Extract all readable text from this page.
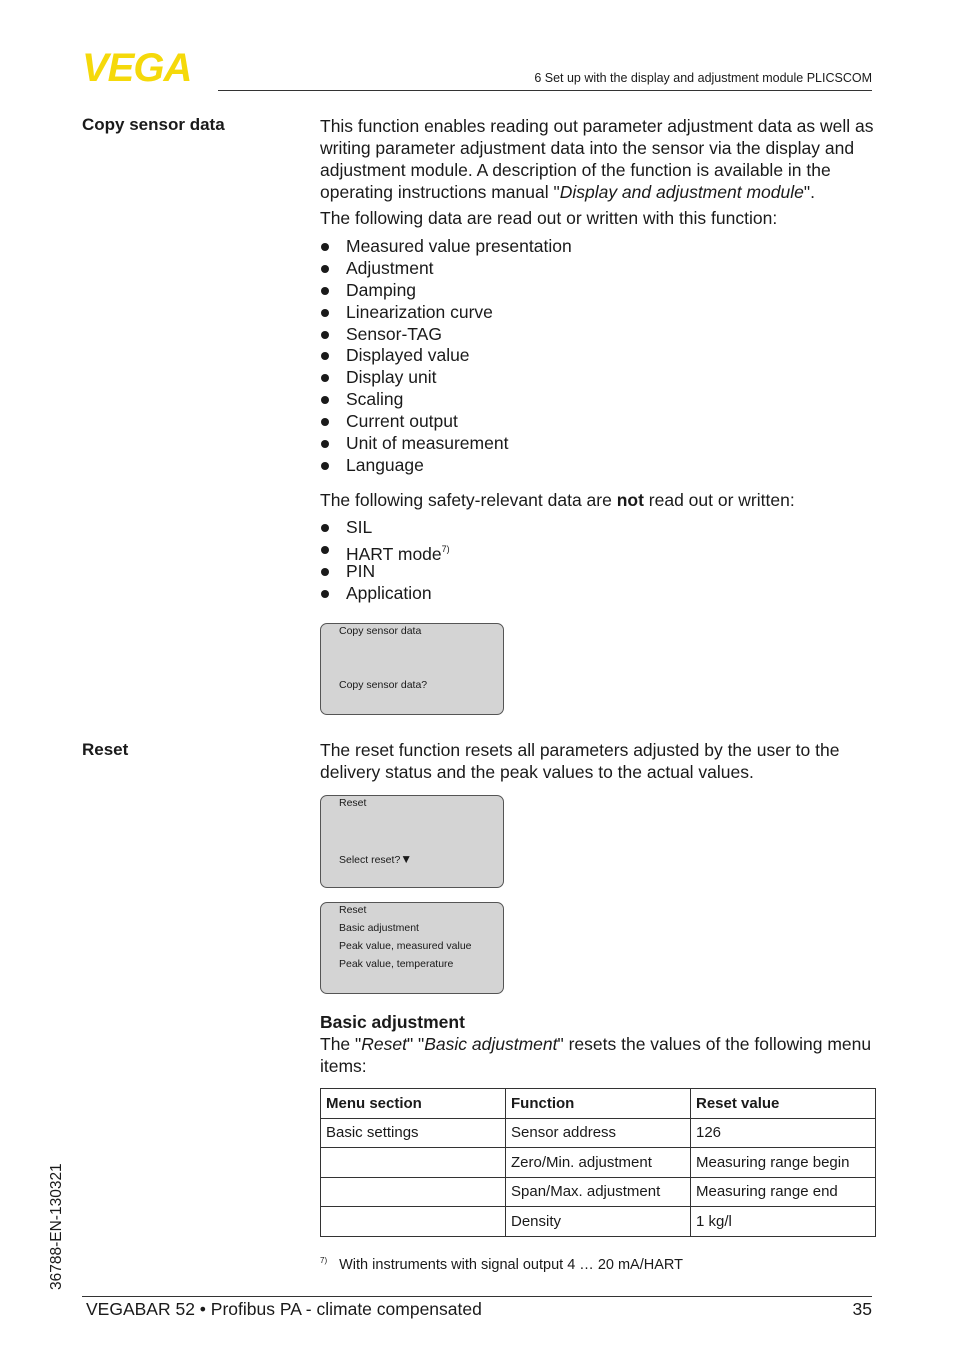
VEGA	6 Set up with the display and adjustment module PLICSCOM
Copy sensor data	This function enables reading out parameter adjustment data as well as writing parameter adjustment data into the sensor via the display and adjustment module. A description of the function is available in the operating instructions manual "Display and adjustment module".

The following data are read out or written with this function:
Measured value presentation
Adjustment
Damping
Linearization curve
Sensor-TAG
Displayed value
Display unit
Scaling
Current output
Unit of measurement
Language

The following safety-relevant data are not read out or written:

SIL
HART mode$^{7)}$
PIN
Application
Copy sensor data
Copy sensor data?
Reset	The reset function resets all parameters adjusted by the user to the delivery status and the peak values to the actual values.
Reset
Select reset?▼
Reset
Basic adjustment
Peak value, measured value
Peak value, temperature
Basic adjustment

The "Reset" "Basic adjustment" resets the values of the following menu items:

Menu section	Function	Reset value
Basic settings	Sensor address	126
	Zero/Min. adjustment	Measuring range begin
	Span/Max. adjustment	Measuring range end
	Density	1 kg/l
$^{7)}$ With instruments with signal output 4 … 20 mA/HART
36788-EN-130321
VEGABAR 52 • Profibus PA - climate compensated	35
